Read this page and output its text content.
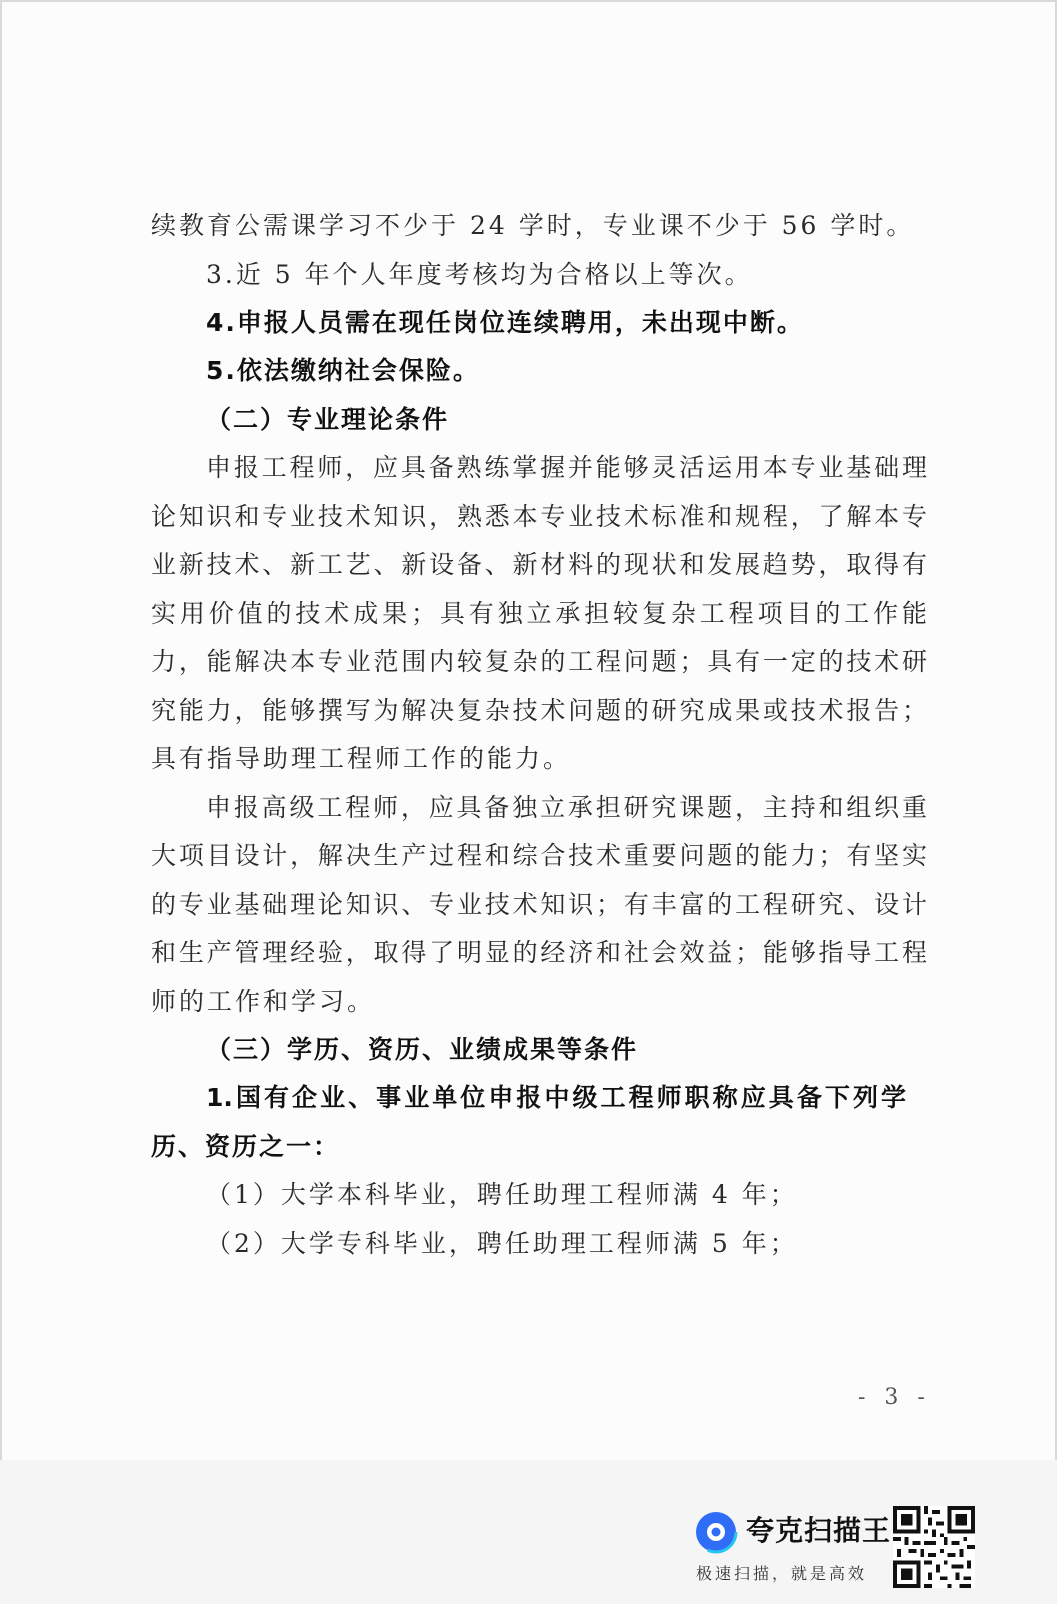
续教育公需课学习不少于 24 学时，专业课不少于 56 学时。
3.近 5 年个人年度考核均为合格以上等次。
4.申报人员需在现任岗位连续聘用，未出现中断。
5.依法缴纳社会保险。
（二）专业理论条件
申报工程师，应具备熟练掌握并能够灵活运用本专业基础理
论知识和专业技术知识，熟悉本专业技术标准和规程，了解本专
业新技术、新工艺、新设备、新材料的现状和发展趋势，取得有
实用价值的技术成果；具有独立承担较复杂工程项目的工作能
力，能解决本专业范围内较复杂的工程问题；具有一定的技术研
究能力，能够撰写为解决复杂技术问题的研究成果或技术报告；
具有指导助理工程师工作的能力。
申报高级工程师，应具备独立承担研究课题，主持和组织重
大项目设计，解决生产过程和综合技术重要问题的能力；有坚实
的专业基础理论知识、专业技术知识；有丰富的工程研究、设计
和生产管理经验，取得了明显的经济和社会效益；能够指导工程
师的工作和学习。
（三）学历、资历、业绩成果等条件
1.国有企业、事业单位申报中级工程师职称应具备下列学
历、资历之一：
（1）大学本科毕业，聘任助理工程师满 4 年；
（2）大学专科毕业，聘任助理工程师满 5 年；
- 3 -
夸克扫描王
极速扫描，就是高效
